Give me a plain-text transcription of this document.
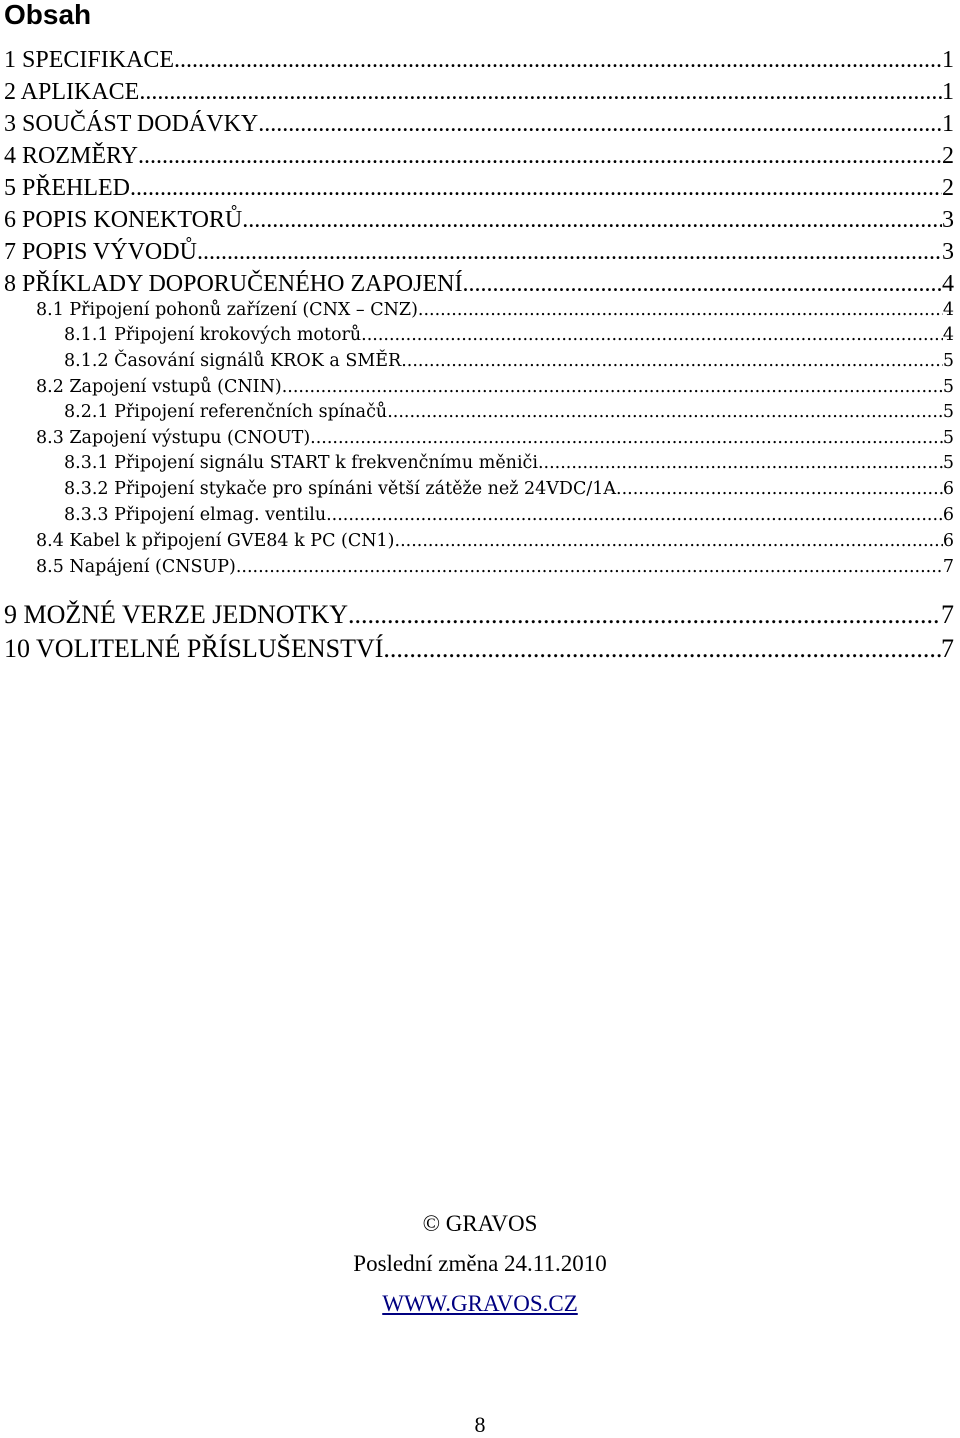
Obsah
1 SPECIFIKACE .....	1
2 APLIKACE .....	1
3 SOUČÁST DODÁVKY .....	1
4 ROZMĚRY .....	2
5 PŘEHLED .....	2
6 POPIS KONEKTORŮ .....	3
7 POPIS VÝVODŮ .....	3
8 PŘÍKLADY DOPORUČENÉHO ZAPOJENÍ .....	4
8.1 Připojení pohonů zařízení (CNX – CNZ) .....	4
8.1.1 Připojení krokových motorů .....	4
8.1.2 Časování signálů KROK a SMĚR .....	5
8.2 Zapojení vstupů (CNIN) .....	5
8.2.1 Připojení referenčních spínačů .....	5
8.3 Zapojení výstupu (CNOUT) .....	5
8.3.1 Připojení signálu START k frekvenčnímu měniči .....	5
8.3.2 Připojení stykače pro spínáni větší zátěže než 24VDC/1A .....	6
8.3.3 Připojení elmag. ventilu .....	6
8.4 Kabel k připojení GVE84 k PC (CN1) .....	6
8.5 Napájení (CNSUP) .....	7
9 MOŽNÉ VERZE JEDNOTKY .....	7
10 VOLITELNÉ PŘÍSLUŠENSTVÍ .....	7
© GRAVOS
Poslední změna 24.11.2010
WWW.GRAVOS.CZ
8
